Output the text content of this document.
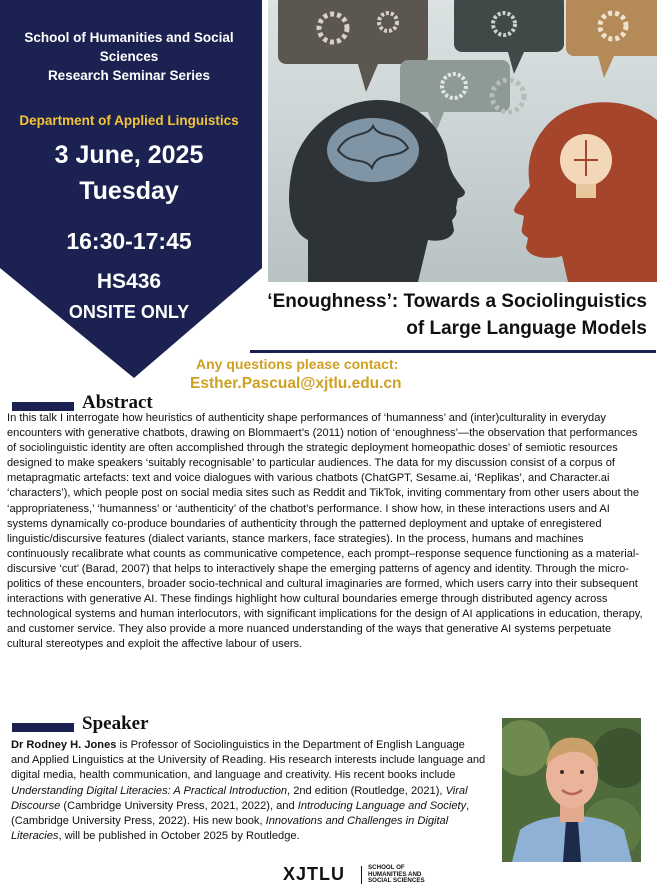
School of Humanities and Social
Sciences
Research Seminar Series
Department of Applied Linguistics
3 June, 2025
Tuesday
16:30-17:45
HS436
ONSITE ONLY	‘Enoughness’: Towards a Sociolinguistics
of Large Language Models
Any questions please contact:
Esther.Pascual@xjtlu.edu.cn
Abstract
In this talk I interrogate how heuristics of authenticity shape performances of ‘humanness’ and (inter)culturality in everyday encounters with generative chatbots, drawing on Blommaert’s (2011) notion of ‘enoughness’—the observation that performances of sociolinguistic identity are often accomplished through the strategic deployment homeopathic doses’ of semiotic resources designed to make speakers ‘suitably recognisable’ to particular audiences. The data for my discussion consist of a corpus of metapragmatic artefacts: text and voice dialogues with various chatbots (ChatGPT, Sesame.ai, ‘Replikas’, and Character.ai ‘characters’), which people post on social media sites such as Reddit and TikTok, inviting commentary from other users about the ‘appropriateness,’ ‘humanness’ or ‘authenticity’ of the chatbot’s performance. I show how, in these interactions users and AI systems dynamically co-produce boundaries of authenticity through the patterned deployment and uptake of enregistered linguistic/discursive features (dialect variants, stance markers, face strategies). In the process, humans and machines continuously recalibrate what counts as communicative competence, each prompt–response sequence functioning as a material-discursive ‘cut’ (Barad, 2007) that helps to interactively shape the emerging patterns of agency and identity. Through the micro-politics of these encounters, broader socio-technical and cultural imaginaries are formed, which users carry into their subsequent interactions with generative AI. These findings highlight how cultural boundaries emerge through distributed agency across technological systems and human interlocutors, with significant implications for the design of AI applications in education, therapy, and customer service. They also provide a more nuanced understanding of the ways that generative AI systems perpetuate cultural stereotypes and exploit the affective labour of users.
Speaker
Dr Rodney H. Jones is Professor of Sociolinguistics in the Department of English Language and Applied Linguistics at the University of Reading. His research interests include language and digital media, health communication, and language and creativity. His recent books include Understanding Digital Literacies: A Practical Introduction, 2nd edition (Routledge, 2021), Viral Discourse (Cambridge University Press, 2021, 2022), and Introducing Language and Society, (Cambridge University Press, 2022). His new book, Innovations and Challenges in Digital Literacies, will be published in October 2025 by Routledge.
XJTLU	SCHOOL OF
HUMANITIES AND
SOCIAL SCIENCES
